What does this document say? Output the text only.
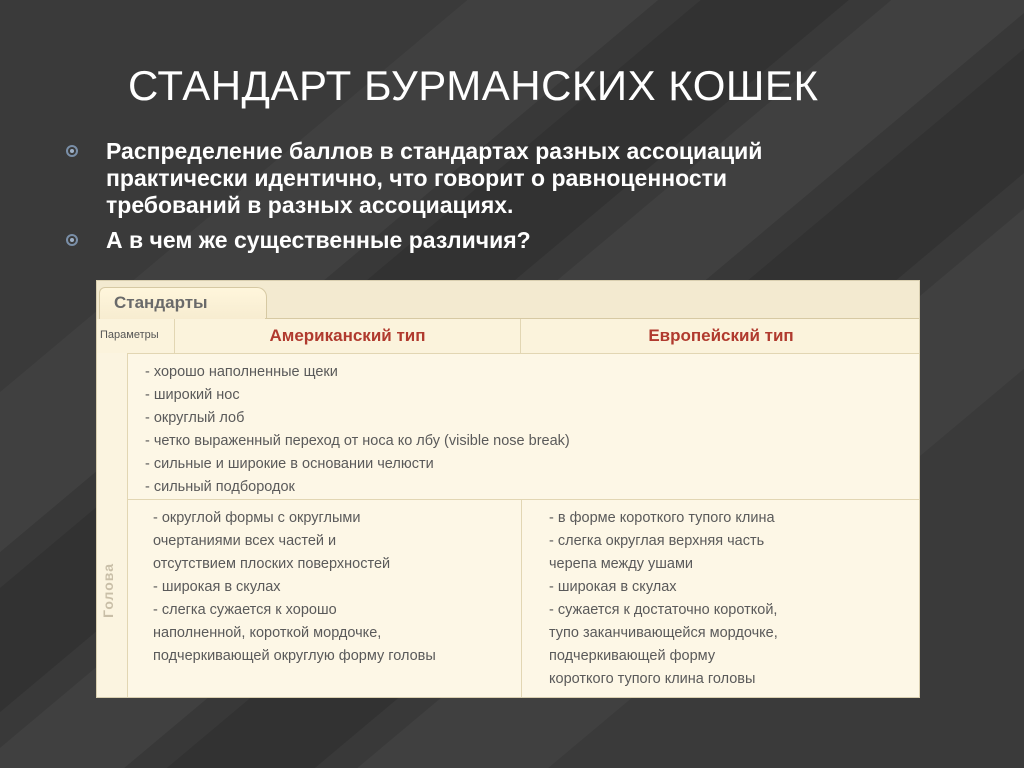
СТАНДАРТ БУРМАНСКИХ КОШЕК
Распределение баллов в стандартах разных ассоциаций
практически идентично, что говорит о равноценности
требований в разных ассоциациях.
А в чем же существенные различия?
Стандарты
Параметры	Американский тип	Европейский тип
Голова
- хорошо наполненные щеки
- широкий нос
- округлый лоб
- четко выраженный переход от носа ко лбу (visible nose break)
- сильные и широкие в основании челюсти
- сильный подбородок
- округлой формы с округлыми
очертаниями всех частей и
отсутствием плоских поверхностей
- широкая в скулах
- слегка сужается к хорошо
наполненной, короткой мордочке,
подчеркивающей округлую форму головы
- в форме короткого тупого клина
- слегка округлая верхняя часть
черепа между ушами
- широкая в скулах
- сужается к достаточно короткой,
тупо заканчивающейся мордочке,
подчеркивающей форму
короткого тупого клина головы
